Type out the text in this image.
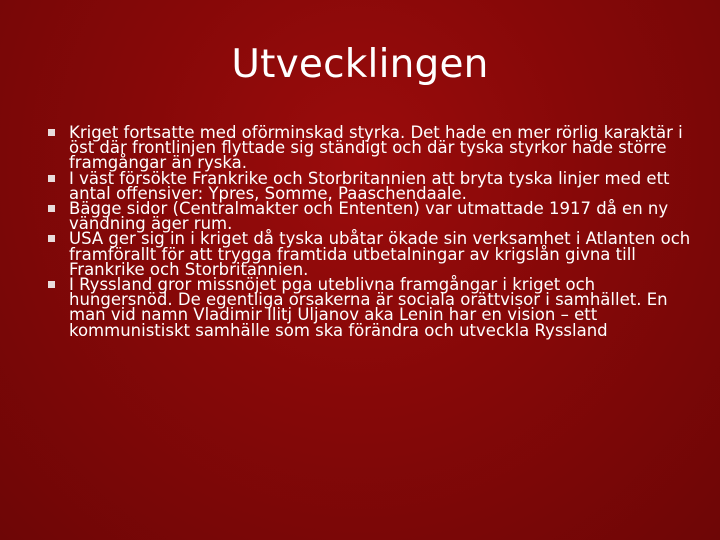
Utvecklingen
Kriget fortsatte med oförminskad styrka. Det hade en mer rörlig karaktär i öst där frontlinjen flyttade sig ständigt och där tyska styrkor hade större framgångar än ryska.
I väst försökte Frankrike och Storbritannien att bryta tyska linjer med ett antal offensiver: Ypres, Somme, Paaschendaale.
Bägge sidor (Centralmakter och Ententen) var utmattade 1917 då en ny vändning äger rum.
USA ger sig in i kriget då tyska ubåtar ökade sin verksamhet i Atlanten och framförallt för att trygga framtida utbetalningar av krigslån givna till Frankrike och Storbritannien.
I Ryssland gror missnöjet pga uteblivna framgångar i kriget och hungersnöd. De egentliga orsakerna är sociala orättvisor i samhället. En man vid namn Vladimir Ilitj Uljanov aka Lenin har en vision – ett kommunistiskt samhälle som ska förändra och utveckla Ryssland
